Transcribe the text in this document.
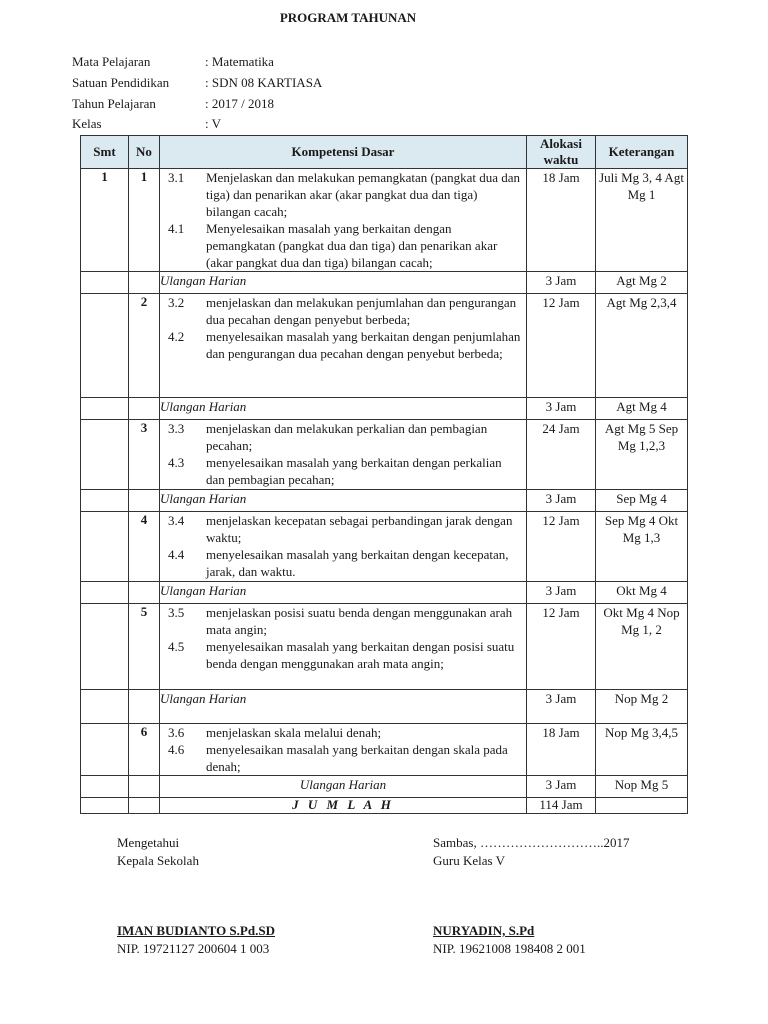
PROGRAM TAHUNAN
Mata Pelajaran	: Matematika
Satuan Pendidikan	: SDN 08 KARTIASA
Tahun Pelajaran	: 2017 / 2018
Kelas	: V
Smt	No	Kompetensi Dasar	Alokasi waktu	Keterangan
1	1	3.1 Menjelaskan dan melakukan pemangkatan (pangkat dua dan tiga) dan penarikan akar (akar pangkat dua dan tiga) bilangan cacah;
4.1 Menyelesaikan masalah yang berkaitan dengan pemangkatan (pangkat dua dan tiga) dan penarikan akar (akar pangkat dua dan tiga) bilangan cacah;	18 Jam	Juli Mg 3, 4 Agt Mg 1
		Ulangan Harian	3 Jam	Agt Mg 2
	2	3.2 menjelaskan dan melakukan penjumlahan dan pengurangan dua pecahan dengan penyebut berbeda;
4.2 menyelesaikan masalah yang berkaitan dengan penjumlahan dan pengurangan dua pecahan dengan penyebut berbeda;	12 Jam	Agt Mg 2,3,4
		Ulangan Harian	3 Jam	Agt Mg 4
	3	3.3 menjelaskan dan melakukan perkalian dan pembagian pecahan;
4.3 menyelesaikan masalah yang berkaitan dengan perkalian dan pembagian pecahan;	24 Jam	Agt Mg 5 Sep Mg 1,2,3
		Ulangan Harian	3 Jam	Sep Mg 4
	4	3.4 menjelaskan kecepatan sebagai perbandingan jarak dengan waktu;
4.4 menyelesaikan masalah yang berkaitan dengan kecepatan, jarak, dan waktu.	12 Jam	Sep Mg 4 Okt Mg 1,3
		Ulangan Harian	3 Jam	Okt Mg 4
	5	3.5 menjelaskan posisi suatu benda dengan menggunakan arah mata angin;
4.5 menyelesaikan masalah yang berkaitan dengan posisi suatu benda dengan menggunakan arah mata angin;	12 Jam	Okt Mg 4 Nop Mg 1, 2
		Ulangan Harian	3 Jam	Nop Mg 2
	6	3.6 menjelaskan skala melalui denah;
4.6 menyelesaikan masalah yang berkaitan dengan skala pada denah;	18 Jam	Nop Mg 3,4,5
		Ulangan Harian	3 Jam	Nop Mg 5
		J U M L A H	114 Jam	
Mengetahui
Kepala Sekolah
IMAN BUDIANTO S.Pd.SD
NIP. 19721127 200604 1 003
Sambas, ………………………..2017
Guru Kelas V
NURYADIN, S.Pd
NIP. 19621008 198408 2 001
